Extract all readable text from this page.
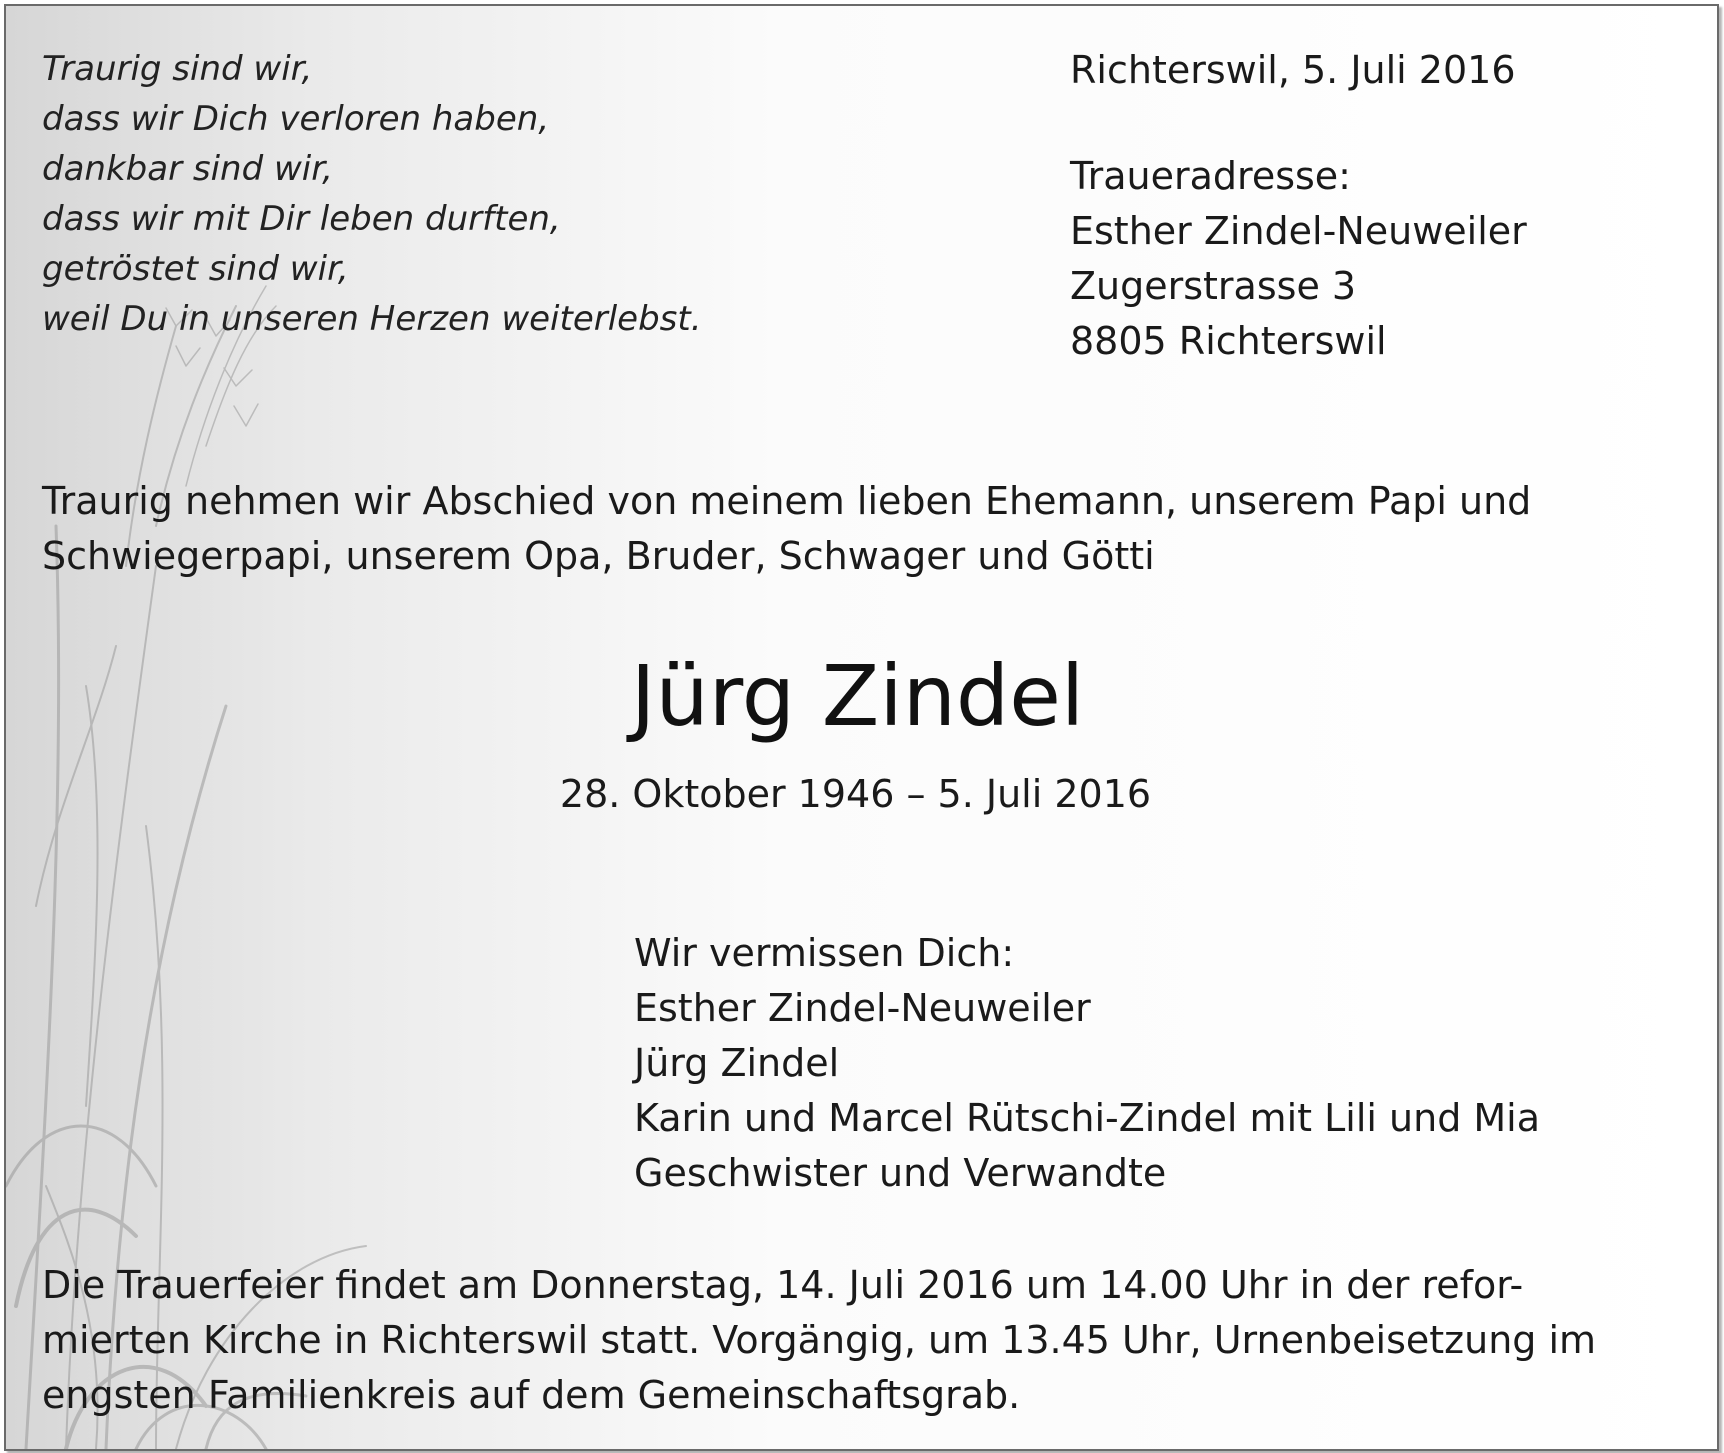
Traurig sind wir,
dass wir Dich verloren haben,
dankbar sind wir,
dass wir mit Dir leben durften,
getröstet sind wir,
weil Du in unseren Herzen weiterlebst.
Richterswil, 5. Juli 2016
Traueradresse:
Esther Zindel-Neuweiler
Zugerstrasse 3
8805 Richterswil
Traurig nehmen wir Abschied von meinem lieben Ehemann, unserem Papi und
Schwiegerpapi, unserem Opa, Bruder, Schwager und Götti
Jürg Zindel
28. Oktober 1946 – 5. Juli 2016
Wir vermissen Dich:
Esther Zindel-Neuweiler
Jürg Zindel
Karin und Marcel Rütschi-Zindel mit Lili und Mia
Geschwister und Verwandte
Die Trauerfeier findet am Donnerstag, 14. Juli 2016 um 14.00 Uhr in der refor-
mierten Kirche in Richterswil statt. Vorgängig, um 13.45 Uhr, Urnenbeisetzung im
engsten Familienkreis auf dem Gemeinschaftsgrab.
